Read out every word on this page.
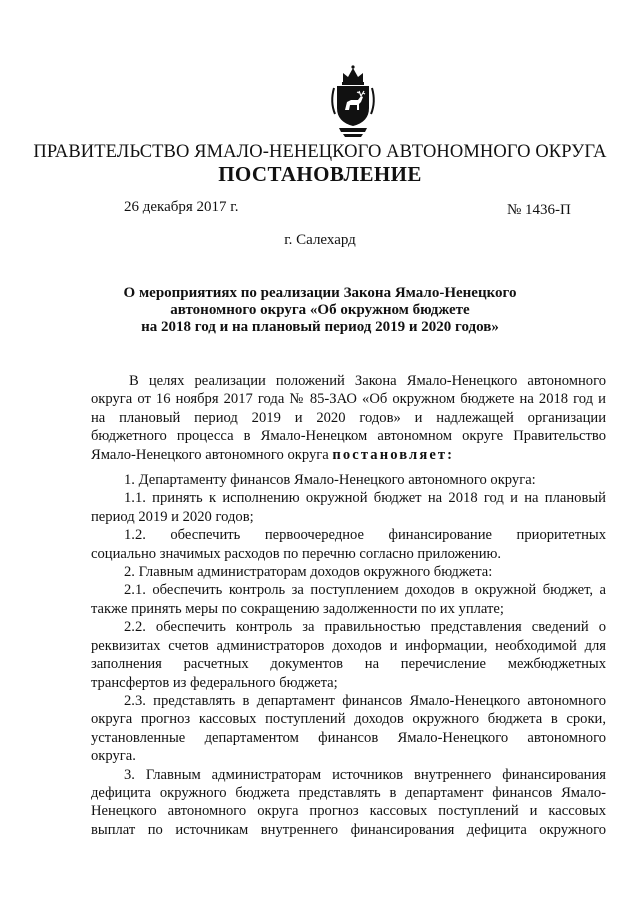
ПРАВИТЕЛЬСТВО ЯМАЛО-НЕНЕЦКОГО АВТОНОМНОГО ОКРУГА
ПОСТАНОВЛЕНИЕ
26 декабря 2017 г.	№ 1436-П
г. Салехард
О мероприятиях по реализации Закона Ямало-Ненецкого
автономного округа «Об окружном бюджете
на 2018 год и на плановый период 2019 и 2020 годов»
В целях реализации положений Закона Ямало-Ненецкого автономного
округа от 16 ноября 2017 года № 85-ЗАО «Об окружном бюджете на 2018 год и
на плановый период 2019 и 2020 годов» и надлежащей организации
бюджетного процесса в Ямало-Ненецком автономном округе Правительство
Ямало-Ненецкого автономного округа постановляет:
1. Департаменту финансов Ямало-Ненецкого автономного округа:
1.1. принять к исполнению окружной бюджет на 2018 год и на плановый
период 2019 и 2020 годов;
1.2. обеспечить первоочередное финансирование приоритетных
социально значимых расходов по перечню согласно приложению.
2. Главным администраторам доходов окружного бюджета:
2.1. обеспечить контроль за поступлением доходов в окружной бюджет, а
также принять меры по сокращению задолженности по их уплате;
2.2. обеспечить контроль за правильностью представления сведений о
реквизитах счетов администраторов доходов и информации, необходимой для
заполнения расчетных документов на перечисление межбюджетных
трансфертов из федерального бюджета;
2.3. представлять в департамент финансов Ямало-Ненецкого автономного
округа прогноз кассовых поступлений доходов окружного бюджета в сроки,
установленные департаментом финансов Ямало-Ненецкого автономного
округа.
3. Главным администраторам источников внутреннего финансирования
дефицита окружного бюджета представлять в департамент финансов Ямало-
Ненецкого автономного округа прогноз кассовых поступлений и кассовых
выплат по источникам внутреннего финансирования дефицита окружного
